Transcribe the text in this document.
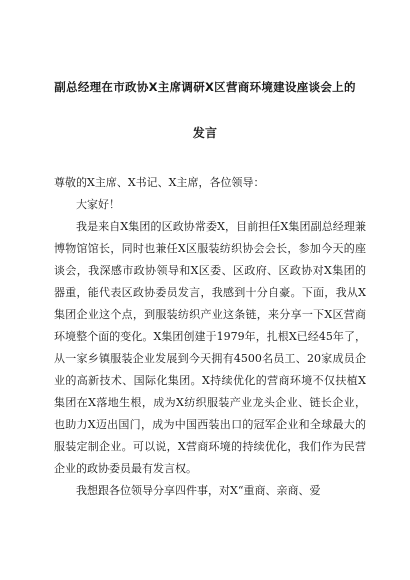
副总经理在市政协X主席调研X区营商环境建设座谈会上的
发言

尊敬的X主席、X书记、X主席，各位领导：

大家好！

我是来自X集团的区政协常委X，目前担任X集团副总经理兼博物馆馆长，同时也兼任X区服装纺织协会会长，参加今天的座谈会，我深感市政协领导和X区委、区政府、区政协对X集团的器重，能代表区政协委员发言，我感到十分自豪。下面，我从X集团企业这个点，到服装纺织产业这条链，来分享一下X区营商环境整个面的变化。X集团创建于1979年，扎根X已经45年了，从一家乡镇服装企业发展到今天拥有4500名员工、20家成员企业的高新技术、国际化集团。X持续优化的营商环境不仅扶植X集团在X落地生根，成为X纺织服装产业龙头企业、链长企业，也助力X迈出国门，成为中国西装出口的冠军企业和全球最大的服装定制企业。可以说，X营商环境的持续优化，我们作为民营企业的政协委员最有发言权。

我想跟各位领导分享四件事，对X“重商、亲商、爱
